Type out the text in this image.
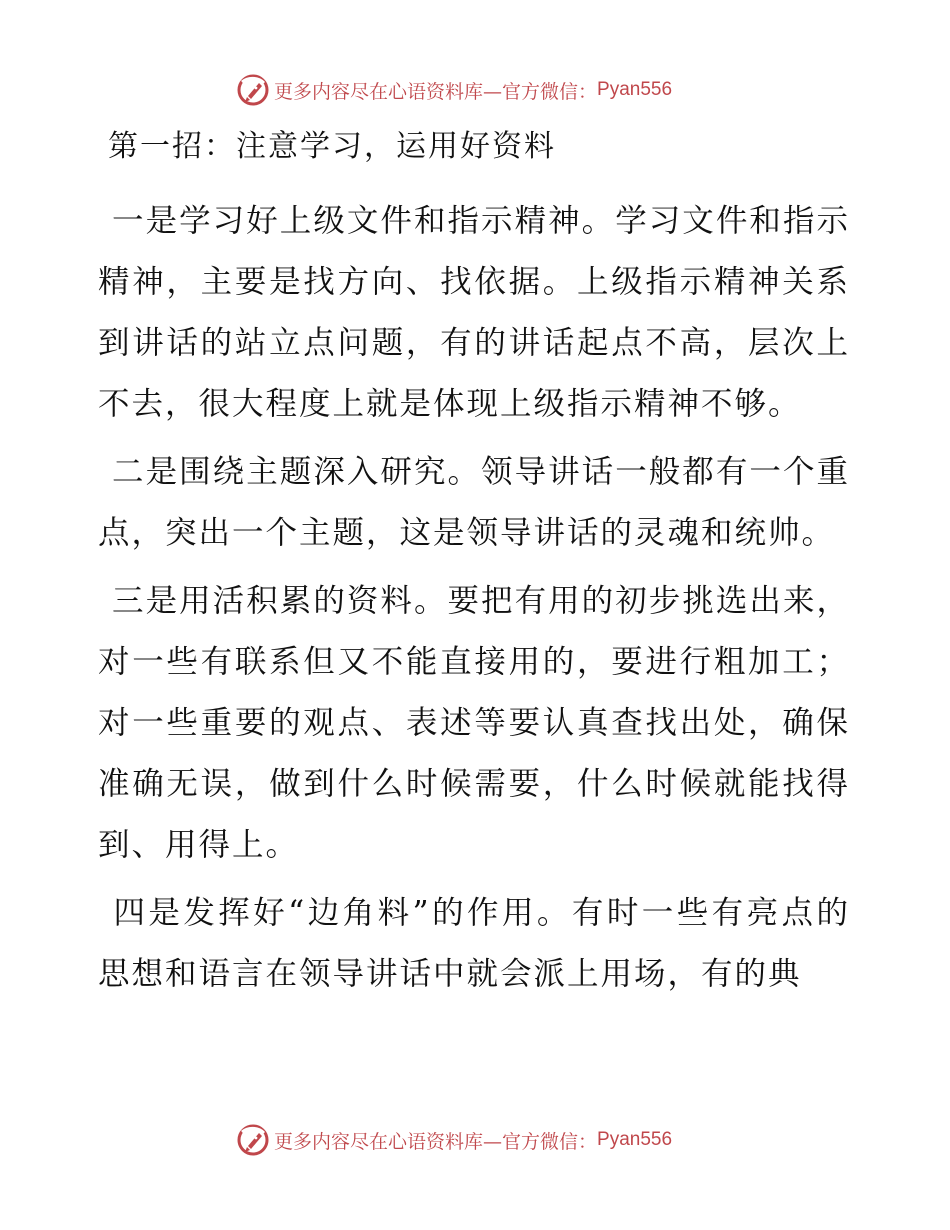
更多内容尽在心语资料库—官方微信： Pyan556
第一招：注意学习，运用好资料

一是学习好上级文件和指示精神。学习文件和指示精神，主要是找方向、找依据。上级指示精神关系到讲话的站立点问题，有的讲话起点不高，层次上不去，很大程度上就是体现上级指示精神不够。

二是围绕主题深入研究。领导讲话一般都有一个重点，突出一个主题，这是领导讲话的灵魂和统帅。

三是用活积累的资料。要把有用的初步挑选出来，对一些有联系但又不能直接用的，要进行粗加工；对一些重要的观点、表述等要认真查找出处，确保准确无误，做到什么时候需要，什么时候就能找得到、用得上。

四是发挥好“边角料”的作用。有时一些有亮点的思想和语言在领导讲话中就会派上用场，有的典

更多内容尽在心语资料库—官方微信： Pyan556
